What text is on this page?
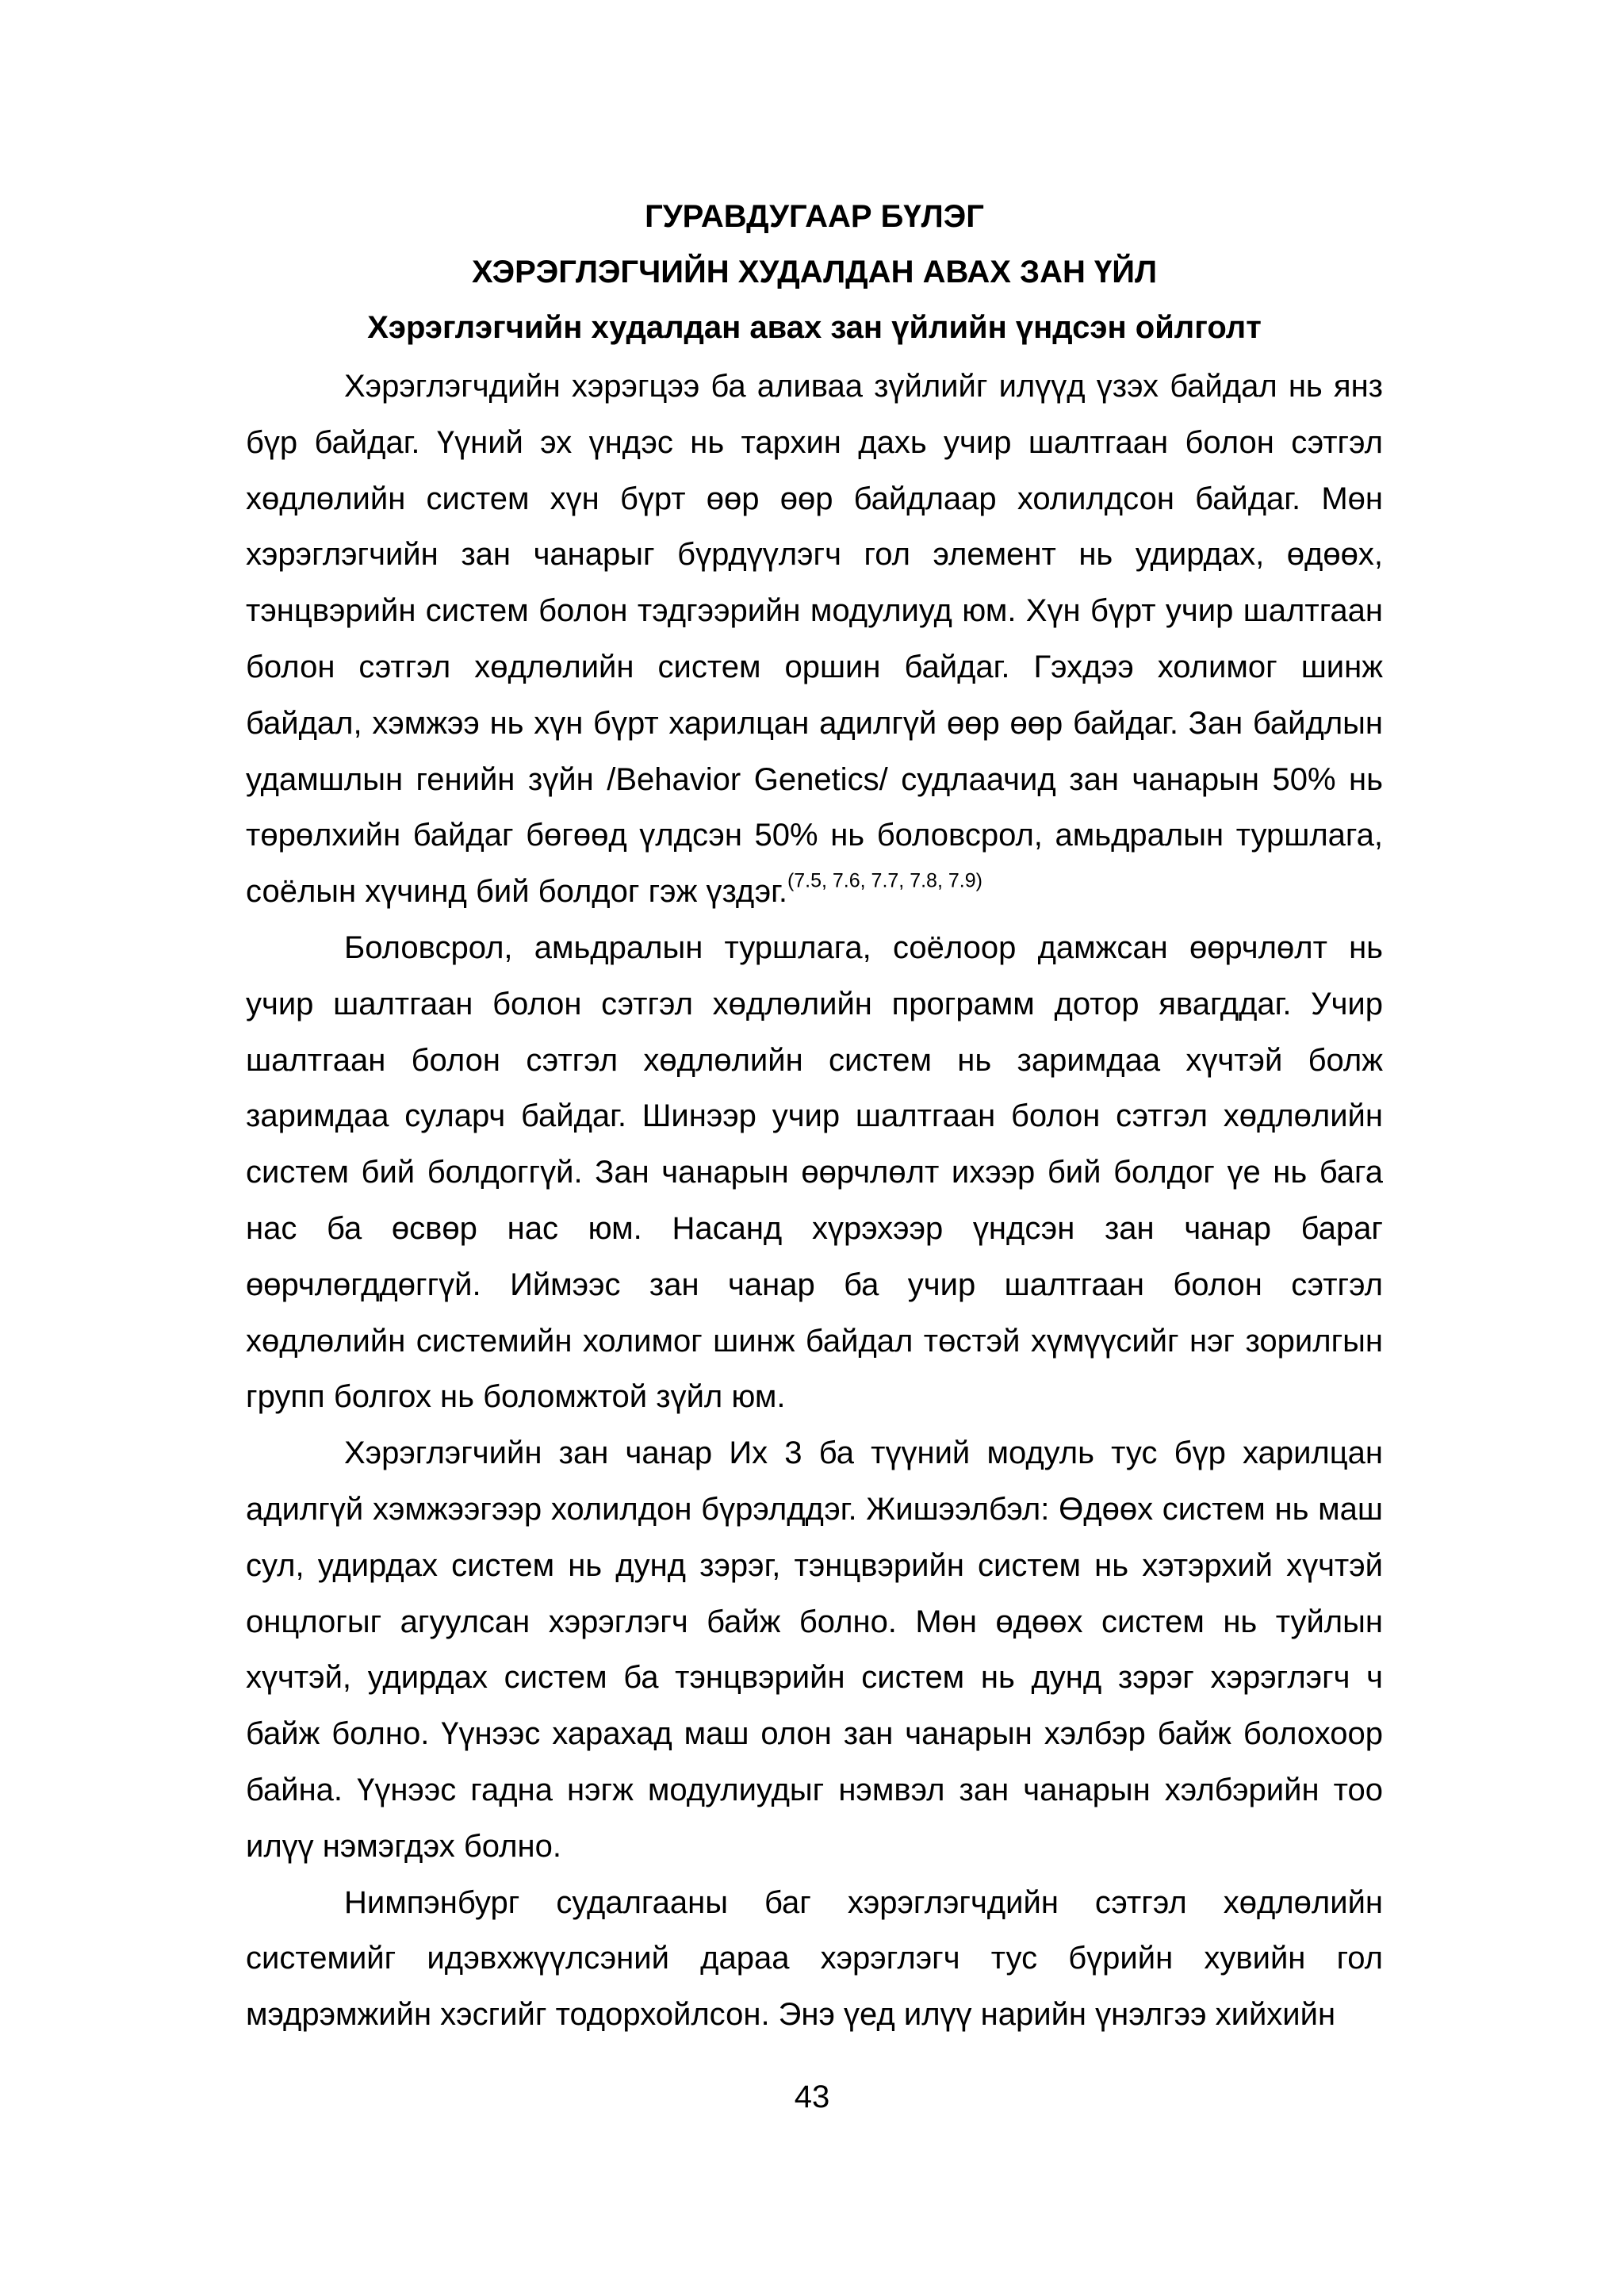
ГУРАВДУГААР БҮЛЭГ

ХЭРЭГЛЭГЧИЙН ХУДАЛДАН АВАХ ЗАН ҮЙЛ

Хэрэглэгчийн худалдан авах зан үйлийн үндсэн ойлголт

Хэрэглэгчдийн хэрэгцээ ба аливаа зүйлийг илүүд үзэх байдал нь янз бүр байдаг. Үүний эх үндэс нь тархин дахь учир шалтгаан болон сэтгэл хөдлөлийн систем хүн бүрт өөр өөр байдлаар холилдсон байдаг. Мөн хэрэглэгчийн зан чанарыг бүрдүүлэгч гол элемент нь удирдах, өдөөх, тэнцвэрийн систем болон тэдгээрийн модулиуд юм. Хүн бүрт учир шалтгаан болон сэтгэл хөдлөлийн систем оршин байдаг. Гэхдээ холимог шинж байдал, хэмжээ нь хүн бүрт харилцан адилгүй өөр өөр байдаг. Зан байдлын удамшлын генийн зүйн /Behavior Genetics/ судлаачид зан чанарын 50% нь төрөлхийн байдаг бөгөөд үлдсэн 50% нь боловсрол, амьдралын туршлага, соёлын хүчинд бий болдог гэж үздэг.$^{(7.5, 7.6, 7.7, 7.8, 7.9)}$

Боловсрол, амьдралын туршлага, соёлоор дамжсан өөрчлөлт нь учир шалтгаан болон сэтгэл хөдлөлийн программ дотор явагддаг. Учир шалтгаан болон сэтгэл хөдлөлийн систем нь заримдаа хүчтэй болж заримдаа суларч байдаг. Шинээр учир шалтгаан болон сэтгэл хөдлөлийн систем бий болдоггүй. Зан чанарын өөрчлөлт ихээр бий болдог үе нь бага нас ба өсвөр нас юм. Насанд хүрэхээр үндсэн зан чанар бараг өөрчлөгддөггүй. Иймээс зан чанар ба учир шалтгаан болон сэтгэл хөдлөлийн системийн холимог шинж байдал төстэй хүмүүсийг нэг зорилгын групп болгох нь боломжтой зүйл юм.

Хэрэглэгчийн зан чанар Их 3 ба түүний модуль тус бүр харилцан адилгүй хэмжээгээр холилдон бүрэлддэг. Жишээлбэл: Өдөөх систем нь маш сул, удирдах систем нь дунд зэрэг, тэнцвэрийн систем нь хэтэрхий хүчтэй онцлогыг агуулсан хэрэглэгч байж болно. Мөн өдөөх систем нь туйлын хүчтэй, удирдах систем ба тэнцвэрийн систем нь дунд зэрэг хэрэглэгч ч байж болно. Үүнээс харахад маш олон зан чанарын хэлбэр байж болохоор байна. Үүнээс гадна нэгж модулиудыг нэмвэл зан чанарын хэлбэрийн тоо илүү нэмэгдэх болно.

Нимпэнбург судалгааны баг хэрэглэгчдийн сэтгэл хөдлөлийн системийг идэвхжүүлсэний дараа хэрэглэгч тус бүрийн хувийн гол мэдрэмжийн хэсгийг тодорхойлсон. Энэ үед илүү нарийн үнэлгээ хийхийн

43
